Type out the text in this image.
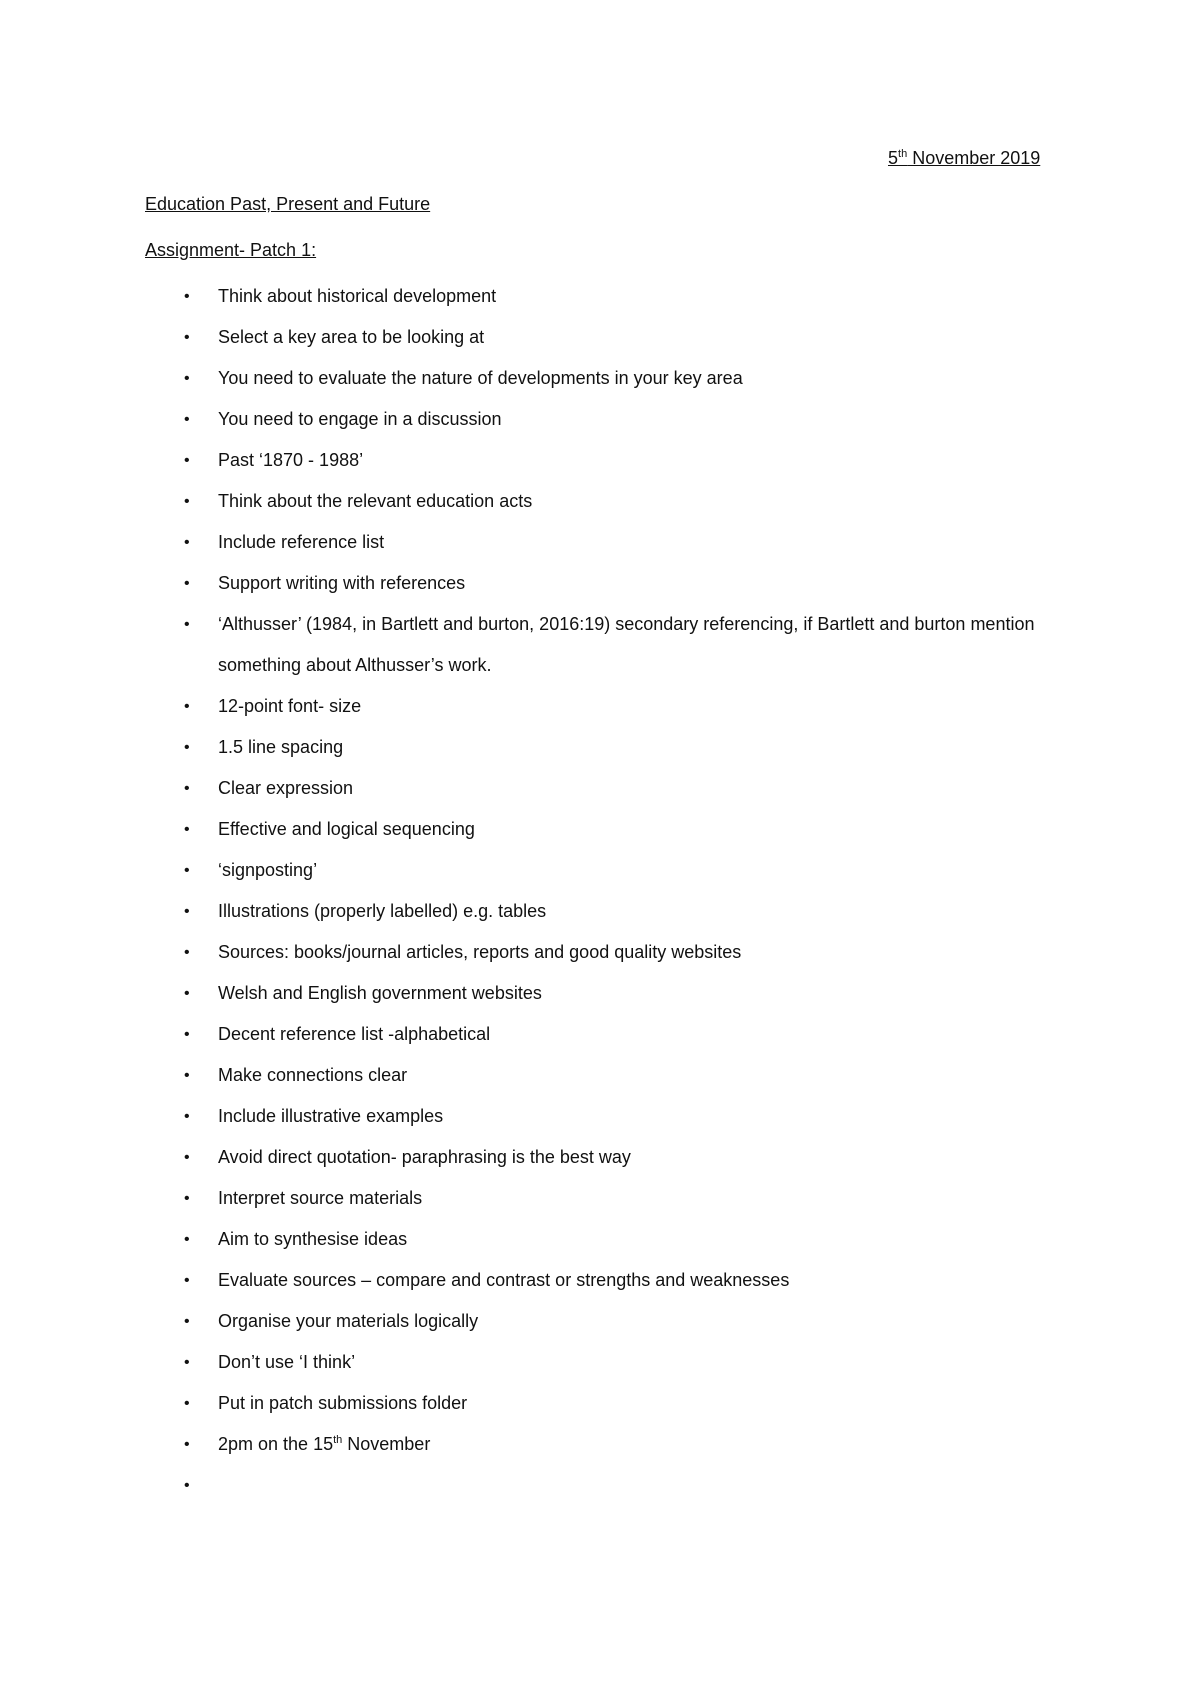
5th November 2019
Education Past, Present and Future
Assignment- Patch 1:
• Think about historical development
• Select a key area to be looking at
• You need to evaluate the nature of developments in your key area
• You need to engage in a discussion
• Past ‘1870 - 1988’
• Think about the relevant education acts
• Include reference list
• Support writing with references
• ‘Althusser’ (1984, in Bartlett and burton, 2016:19) secondary referencing, if Bartlett and burton mention something about Althusser’s work.
• 12-point font- size
• 1.5 line spacing
• Clear expression
• Effective and logical sequencing
• ‘signposting’
• Illustrations (properly labelled) e.g. tables
• Sources: books/journal articles, reports and good quality websites
• Welsh and English government websites
• Decent reference list -alphabetical
• Make connections clear
• Include illustrative examples
• Avoid direct quotation- paraphrasing is the best way
• Interpret source materials
• Aim to synthesise ideas
• Evaluate sources – compare and contrast or strengths and weaknesses
• Organise your materials logically
• Don’t use ‘I think’
• Put in patch submissions folder
• 2pm on the 15th November
•
